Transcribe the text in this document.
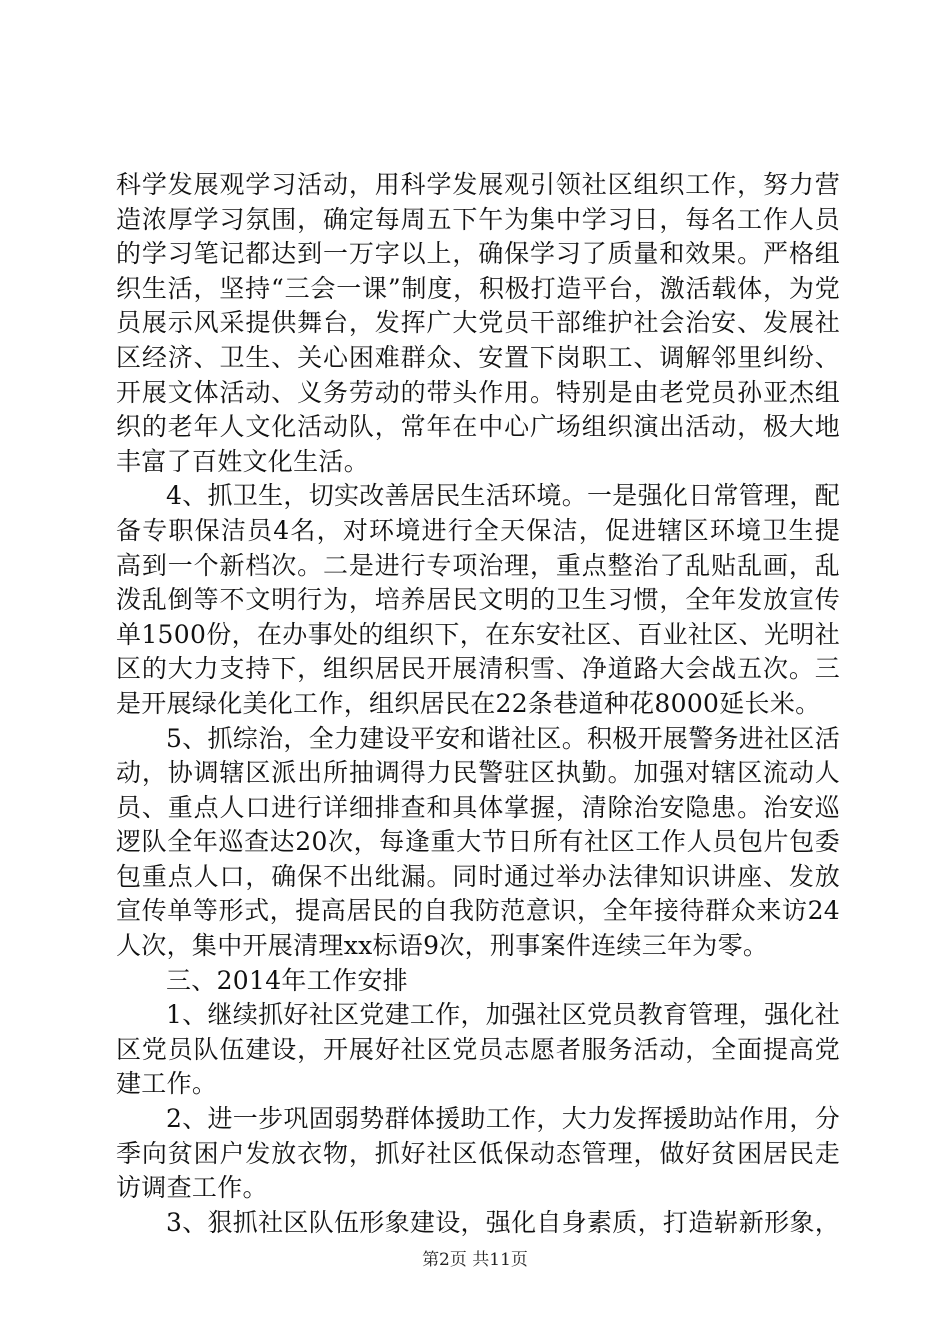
科学发展观学习活动，用科学发展观引领社区组织工作，努力营造浓厚学习氛围，确定每周五下午为集中学习日，每名工作人员的学习笔记都达到一万字以上，确保学习了质量和效果。严格组织生活，坚持“三会一课”制度，积极打造平台，激活载体，为党员展示风采提供舞台，发挥广大党员干部维护社会治安、发展社区经济、卫生、关心困难群众、安置下岗职工、调解邻里纠纷、开展文体活动、义务劳动的带头作用。特别是由老党员孙亚杰组织的老年人文化活动队，常年在中心广场组织演出活动，极大地丰富了百姓文化生活。

4、抓卫生，切实改善居民生活环境。一是强化日常管理，配备专职保洁员4名，对环境进行全天保洁，促进辖区环境卫生提高到一个新档次。二是进行专项治理，重点整治了乱贴乱画，乱泼乱倒等不文明行为，培养居民文明的卫生习惯，全年发放宣传单1500份，在办事处的组织下，在东安社区、百业社区、光明社区的大力支持下，组织居民开展清积雪、净道路大会战五次。三是开展绿化美化工作，组织居民在22条巷道种花8000延长米。

5、抓综治，全力建设平安和谐社区。积极开展警务进社区活动，协调辖区派出所抽调得力民警驻区执勤。加强对辖区流动人员、重点人口进行详细排查和具体掌握，清除治安隐患。治安巡逻队全年巡查达20次，每逢重大节日所有社区工作人员包片包委包重点人口，确保不出纰漏。同时通过举办法律知识讲座、发放宣传单等形式，提高居民的自我防范意识，全年接待群众来访24人次，集中开展清理xx标语9次，刑事案件连续三年为零。

三、2014年工作安排

1、继续抓好社区党建工作，加强社区党员教育管理，强化社区党员队伍建设，开展好社区党员志愿者服务活动，全面提高党建工作。

2、进一步巩固弱势群体援助工作，大力发挥援助站作用，分季向贫困户发放衣物，抓好社区低保动态管理，做好贫困居民走访调查工作。

3、狠抓社区队伍形象建设，强化自身素质，打造崭新形象，

第2页 共11页
